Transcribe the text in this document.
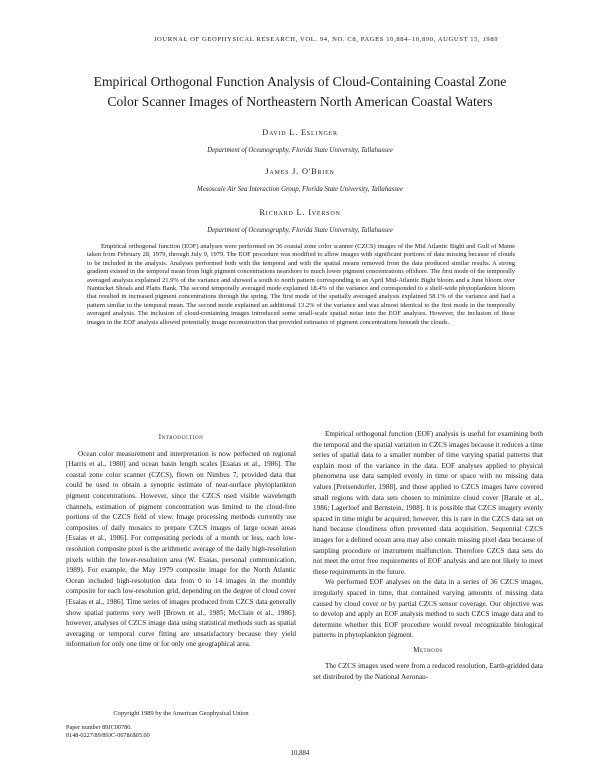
JOURNAL OF GEOPHYSICAL RESEARCH, VOL. 94, NO. C8, PAGES 10,884–10,890, AUGUST 15, 1989
Empirical Orthogonal Function Analysis of Cloud-Containing Coastal Zone
Color Scanner Images of Northeastern North American Coastal Waters
David L. Eslinger
Department of Oceanography, Florida State University, Tallahassee
James J. O'Brien
Mesoscale Air Sea Interaction Group, Florida State University, Tallahassee
Richard L. Iverson
Department of Oceanography, Florida State University, Tallahassee

Empirical orthogonal function (EOF) analyses were performed on 36 coastal zone color scanner (CZCS) images of the Mid Atlantic Bight and Gulf of Maine taken from February 28, 1979, through July 9, 1979. The EOF procedure was modified to allow images with significant portions of data missing because of clouds to be included in the analysis. Analyses performed both with the temporal and with the spatial means removed from the data produced similar results. A strong gradient existed in the temporal mean from high pigment concentrations nearshore to much lower pigment concentrations offshore. The first mode of the temporally averaged analysis explained 21.9% of the variance and showed a south to north pattern corresponding to an April Mid-Atlantic Bight bloom and a June bloom over Nantucket Shoals and Platts Bank. The second temporally averaged mode explained 18.4% of the variance and corresponded to a shelf-wide phytoplankton bloom that resulted in increased pigment concentrations through the spring. The first mode of the spatially averaged analysis explained 58.1% of the variance and had a pattern similar to the temporal mean. The second mode explained an additional 13.2% of the variance and was almost identical to the first mode in the temporally averaged analysis. The inclusion of cloud-containing images introduced some small-scale spatial noise into the EOF analyses. However, the inclusion of these images in the EOF analysis allowed potentially image reconstruction that provided estimates of pigment concentrations beneath the clouds.

Introduction

Ocean color measurement and interpretation is now perfected on regional [Harris et al., 1980] and ocean basin length scales [Esaias et al., 1986]. The coastal zone color scanner (CZCS), flown on Nimbus 7, provided data that could be used to obtain a synoptic estimate of near-surface phytoplankton pigment concentrations. However, since the CZCS used visible wavelength channels, estimation of pigment concentration was limited to the cloud-free portions of the CZCS field of view. Image processing methods currently use composites of daily mosaics to prepare CZCS images of large ocean areas [Esaias et al., 1986]. For compositing periods of a month or less, each low-resolution composite pixel is the arithmetic average of the daily high-resolution pixels within the lower-resolution area (W. Esaias, personal communication, 1989). For example, the May 1979 composite image for the North Atlantic Ocean included high-resolution data from 0 to 14 images in the monthly composite for each low-resolution grid, depending on the degree of cloud cover [Esaias et al., 1986]. Time series of images produced from CZCS data generally show spatial patterns very well [Brown et al., 1985; McClain et al., 1986]; however, analyses of CZCS image data using statistical methods such as spatial averaging or temporal curve fitting are unsatisfactory because they yield information for only one time or for only one geographical area.

Empirical orthogonal function (EOF) analysis is useful for examining both the temporal and the spatial variation in CZCS images because it reduces a time series of spatial data to a smaller number of time varying spatial patterns that explain most of the variance in the data. EOF analyses applied to physical phenomena use data sampled evenly in time or space with no missing data values [Preisendorfer, 1988], and those applied to CZCS images have covered small regions with data sets chosen to minimize cloud cover [Barale et al., 1986; Lagerloef and Bernstein, 1988]. It is possible that CZCS imagery evenly spaced in time might be acquired; however, this is rare in the CZCS data set on hand because cloudiness often prevented data acquisition. Sequential CZCS images for a defined ocean area may also contain missing pixel data because of sampling procedure or instrument malfunction. Therefore CZCS data sets do not meet the error free requirements of EOF analysis and are not likely to meet these requirements in the future.

We performed EOF analyses on the data in a series of 36 CZCS images, irregularly spaced in time, that contained varying amounts of missing data caused by cloud cover or by partial CZCS sensor coverage. Our objective was to develop and apply an EOF analysis method to such CZCS image data and to determine whether this EOF procedure would reveal recognizable biological patterns in phytoplankton pigment.

Methods

The CZCS images used were from a reduced resolution, Earth-gridded data set distributed by the National Aeronau-

Copyright 1989 by the American Geophysical Union
Paper number 89JC00786.
0148-0227/89/89JC-00786$05.00
10,884
